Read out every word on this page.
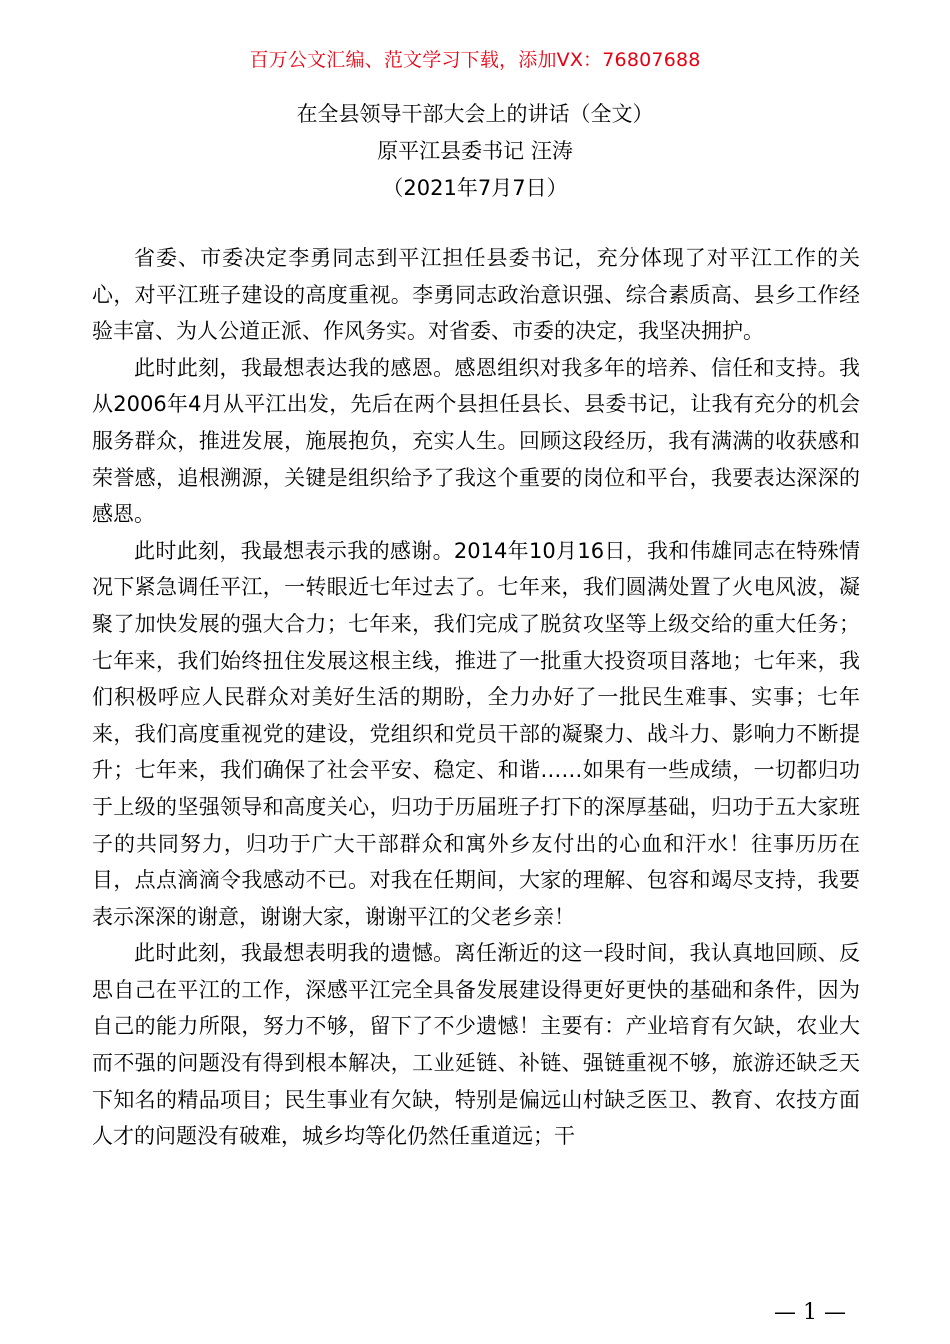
百万公文汇编、范文学习下载，添加VX：76807688
在全县领导干部大会上的讲话（全文）
原平江县委书记 汪涛
（2021年7月7日）

省委、市委决定李勇同志到平江担任县委书记，充分体现了对平江工作的关心，对平江班子建设的高度重视。李勇同志政治意识强、综合素质高、县乡工作经验丰富、为人公道正派、作风务实。对省委、市委的决定，我坚决拥护。

此时此刻，我最想表达我的感恩。感恩组织对我多年的培养、信任和支持。我从2006年4月从平江出发，先后在两个县担任县长、县委书记，让我有充分的机会服务群众，推进发展，施展抱负，充实人生。回顾这段经历，我有满满的收获感和荣誉感，追根溯源，关键是组织给予了我这个重要的岗位和平台，我要表达深深的感恩。

此时此刻，我最想表示我的感谢。2014年10月16日，我和伟雄同志在特殊情况下紧急调任平江，一转眼近七年过去了。七年来，我们圆满处置了火电风波，凝聚了加快发展的强大合力；七年来，我们完成了脱贫攻坚等上级交给的重大任务；七年来，我们始终扭住发展这根主线，推进了一批重大投资项目落地；七年来，我们积极呼应人民群众对美好生活的期盼，全力办好了一批民生难事、实事；七年来，我们高度重视党的建设，党组织和党员干部的凝聚力、战斗力、影响力不断提升；七年来，我们确保了社会平安、稳定、和谐……如果有一些成绩，一切都归功于上级的坚强领导和高度关心，归功于历届班子打下的深厚基础，归功于五大家班子的共同努力，归功于广大干部群众和寓外乡友付出的心血和汗水！往事历历在目，点点滴滴令我感动不已。对我在任期间，大家的理解、包容和竭尽支持，我要表示深深的谢意，谢谢大家，谢谢平江的父老乡亲！

此时此刻，我最想表明我的遗憾。离任渐近的这一段时间，我认真地回顾、反思自己在平江的工作，深感平江完全具备发展建设得更好更快的基础和条件，因为自己的能力所限，努力不够，留下了不少遗憾！主要有：产业培育有欠缺，农业大而不强的问题没有得到根本解决，工业延链、补链、强链重视不够，旅游还缺乏天下知名的精品项目；民生事业有欠缺，特别是偏远山村缺乏医卫、教育、农技方面人才的问题没有破难，城乡均等化仍然任重道远；干

— 1 —
